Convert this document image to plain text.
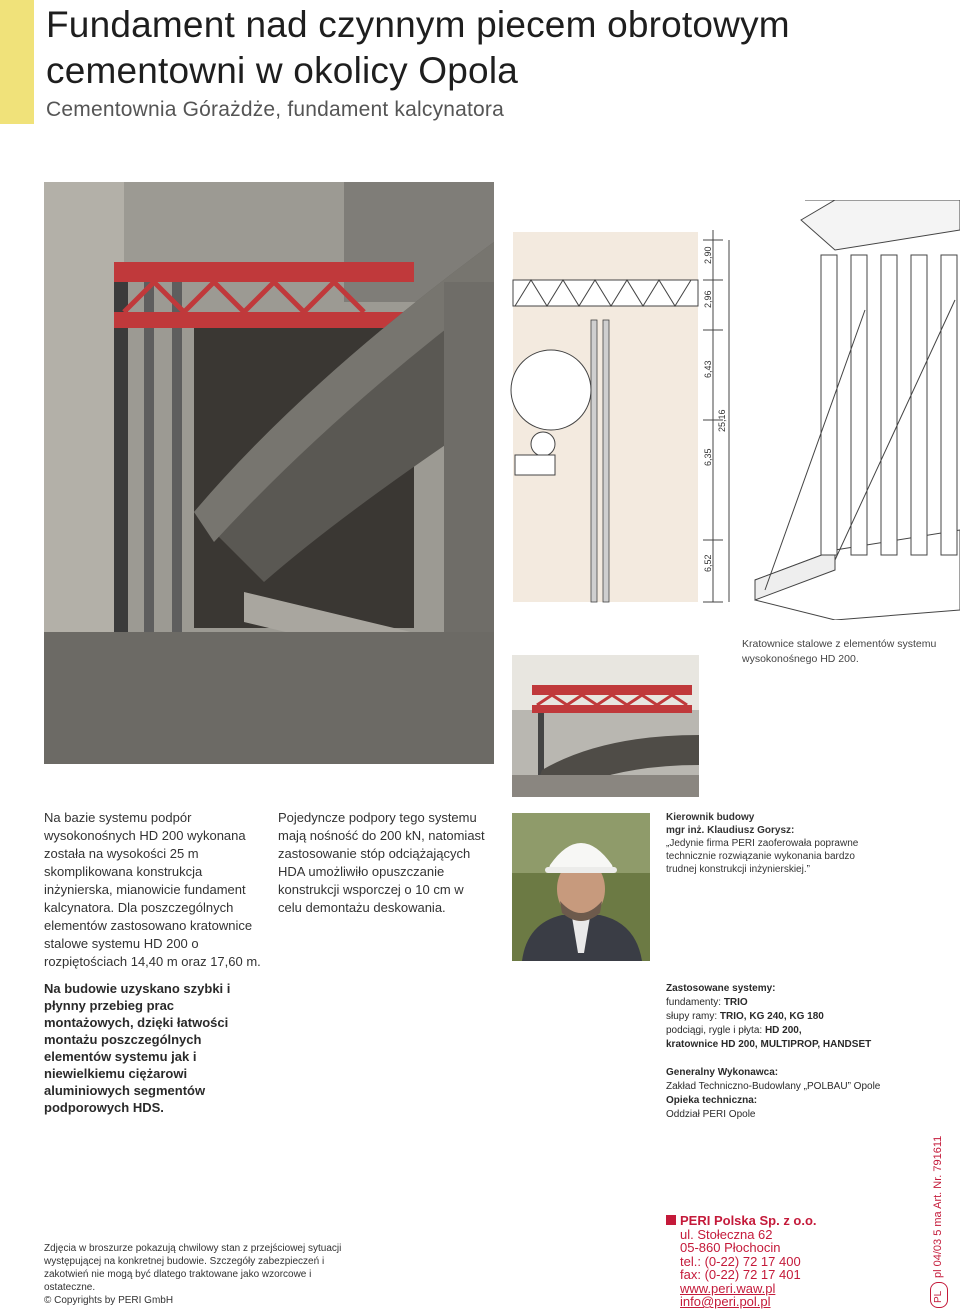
Fundament nad czynnym piecem obrotowym cementowni w okolicy Opola
Cementownia Górażdże, fundament kalcynatora
6,52
6,35
6,43
2,96
2,90
25,16
Kratownice stalowe z elementów systemu wysokonośnego HD 200.
Na bazie systemu podpór wysokonośnych HD 200 wykonana została na wysokości 25 m skomplikowana konstrukcja inżynierska, mianowicie fundament kalcynatora. Dla poszczególnych elementów zastosowano kratownice stalowe systemu HD 200 o rozpiętościach 14,40 m oraz 17,60 m.
Pojedyncze podpory tego systemu mają nośność do 200 kN, natomiast zastosowanie stóp odciążających HDA umożliwiło opuszczanie konstrukcji wsporczej o 10 cm w celu demontażu deskowania.
Na budowie uzyskano szybki i płynny przebieg prac montażowych, dzięki łatwości montażu poszczególnych elementów systemu jak i niewielkiemu ciężarowi aluminiowych segmentów podporowych HDS.
Kierownik budowy
mgr inż. Klaudiusz Gorysz:
„Jedynie firma PERI zaoferowała poprawne technicznie rozwiązanie wykonania bardzo trudnej konstrukcji inżynierskiej.”
Zastosowane systemy:
fundamenty: TRIO
słupy ramy: TRIO, KG 240, KG 180
podciągi, rygle i płyta: HD 200,
kratownice HD 200, MULTIPROP, HANDSET
Generalny Wykonawca:
Zakład Techniczno-Budowlany „POLBAU” Opole
Opieka techniczna:
Oddział PERI Opole
Zdjęcia w broszurze pokazują chwilowy stan z przejściowej sytuacji występującej na konkretnej budowie. Szczegóły zabezpieczeń i zakotwień nie mogą być dlatego traktowane jako wzorcowe i ostateczne.
© Copyrights by PERI GmbH
PERI Polska Sp. z o.o.
ul. Stołeczna 62
05-860 Płochocin
tel.: (0-22) 72 17 400
fax: (0-22) 72 17 401
www.peri.waw.pl
info@peri.pol.pl
pl 04/03 5 ma Art. Nr. 791611
PL
